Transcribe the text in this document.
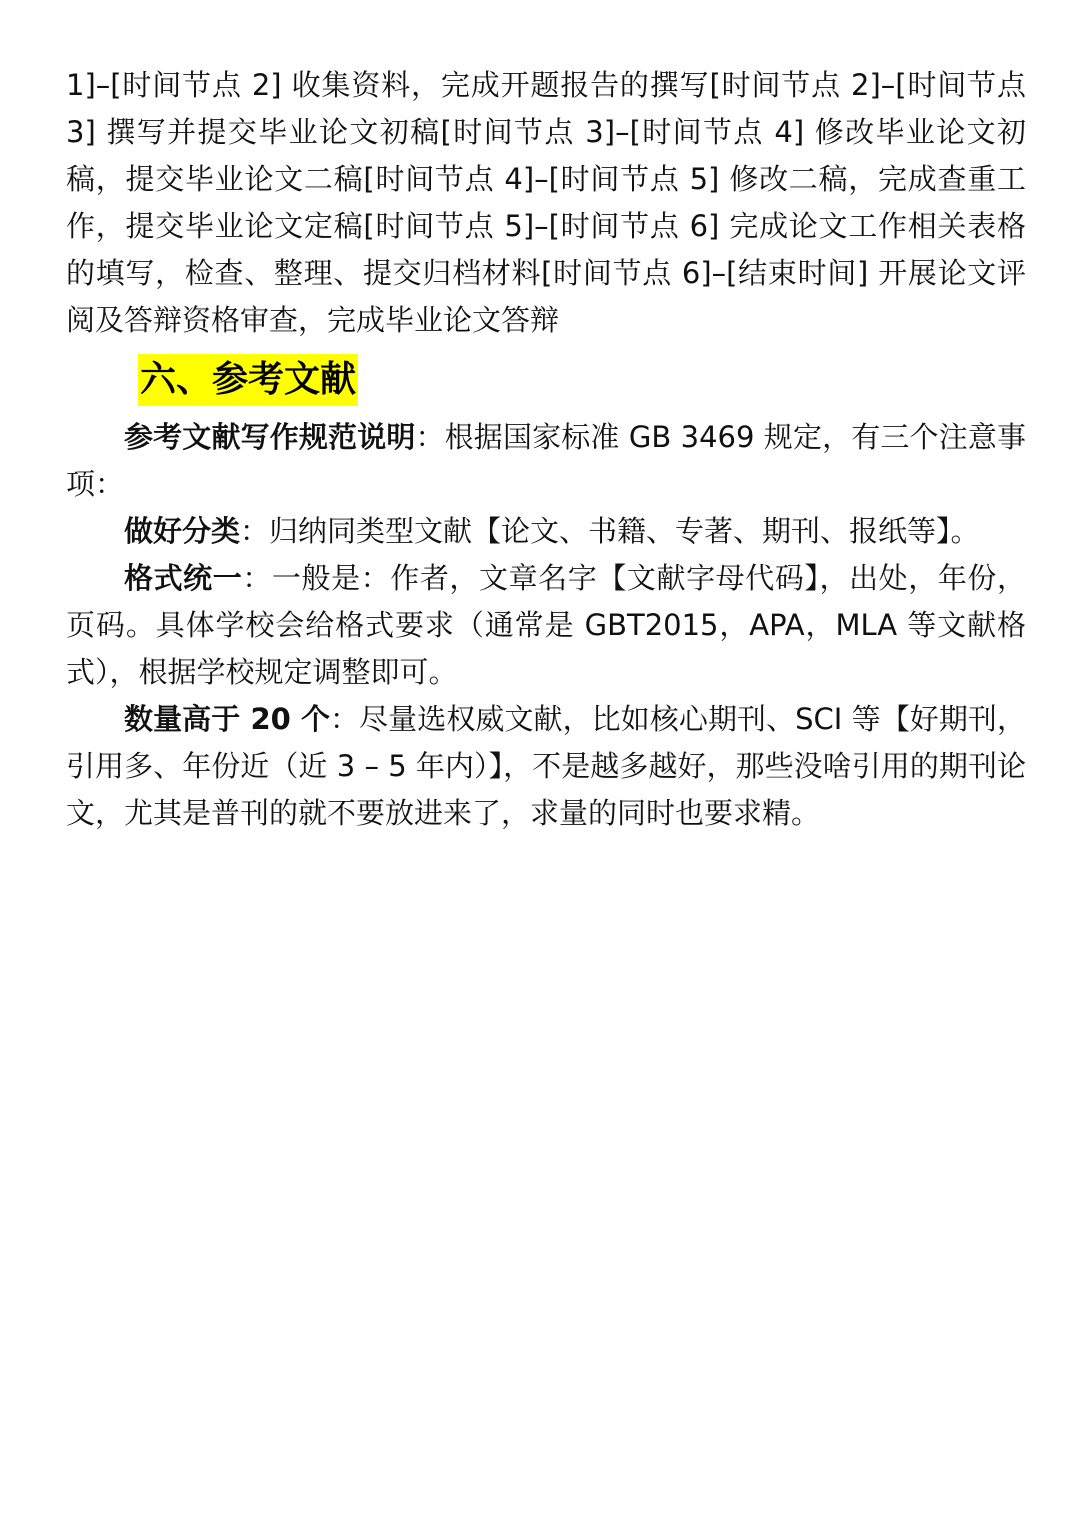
1]–[时间节点 2] 收集资料，完成开题报告的撰写[时间节点 2]–[时间节点 3] 撰写并提交毕业论文初稿[时间节点 3]–[时间节点 4] 修改毕业论文初稿，提交毕业论文二稿[时间节点 4]–[时间节点 5] 修改二稿，完成查重工作，提交毕业论文定稿[时间节点 5]–[时间节点 6] 完成论文工作相关表格的填写，检查、整理、提交归档材料[时间节点 6]–[结束时间] 开展论文评阅及答辩资格审查，完成毕业论文答辩

六、参考文献

参考文献写作规范说明：根据国家标准 GB 3469 规定，有三个注意事项：

做好分类：归纳同类型文献【论文、书籍、专著、期刊、报纸等】。

格式统一：一般是：作者，文章名字【文献字母代码】，出处，年份，页码。具体学校会给格式要求（通常是 GBT2015，APA，MLA 等文献格式），根据学校规定调整即可。

数量高于 20 个：尽量选权威文献，比如核心期刊、SCI 等【好期刊，引用多、年份近（近 3 – 5 年内）】，不是越多越好，那些没啥引用的期刊论文，尤其是普刊的就不要放进来了，求量的同时也要求精。
